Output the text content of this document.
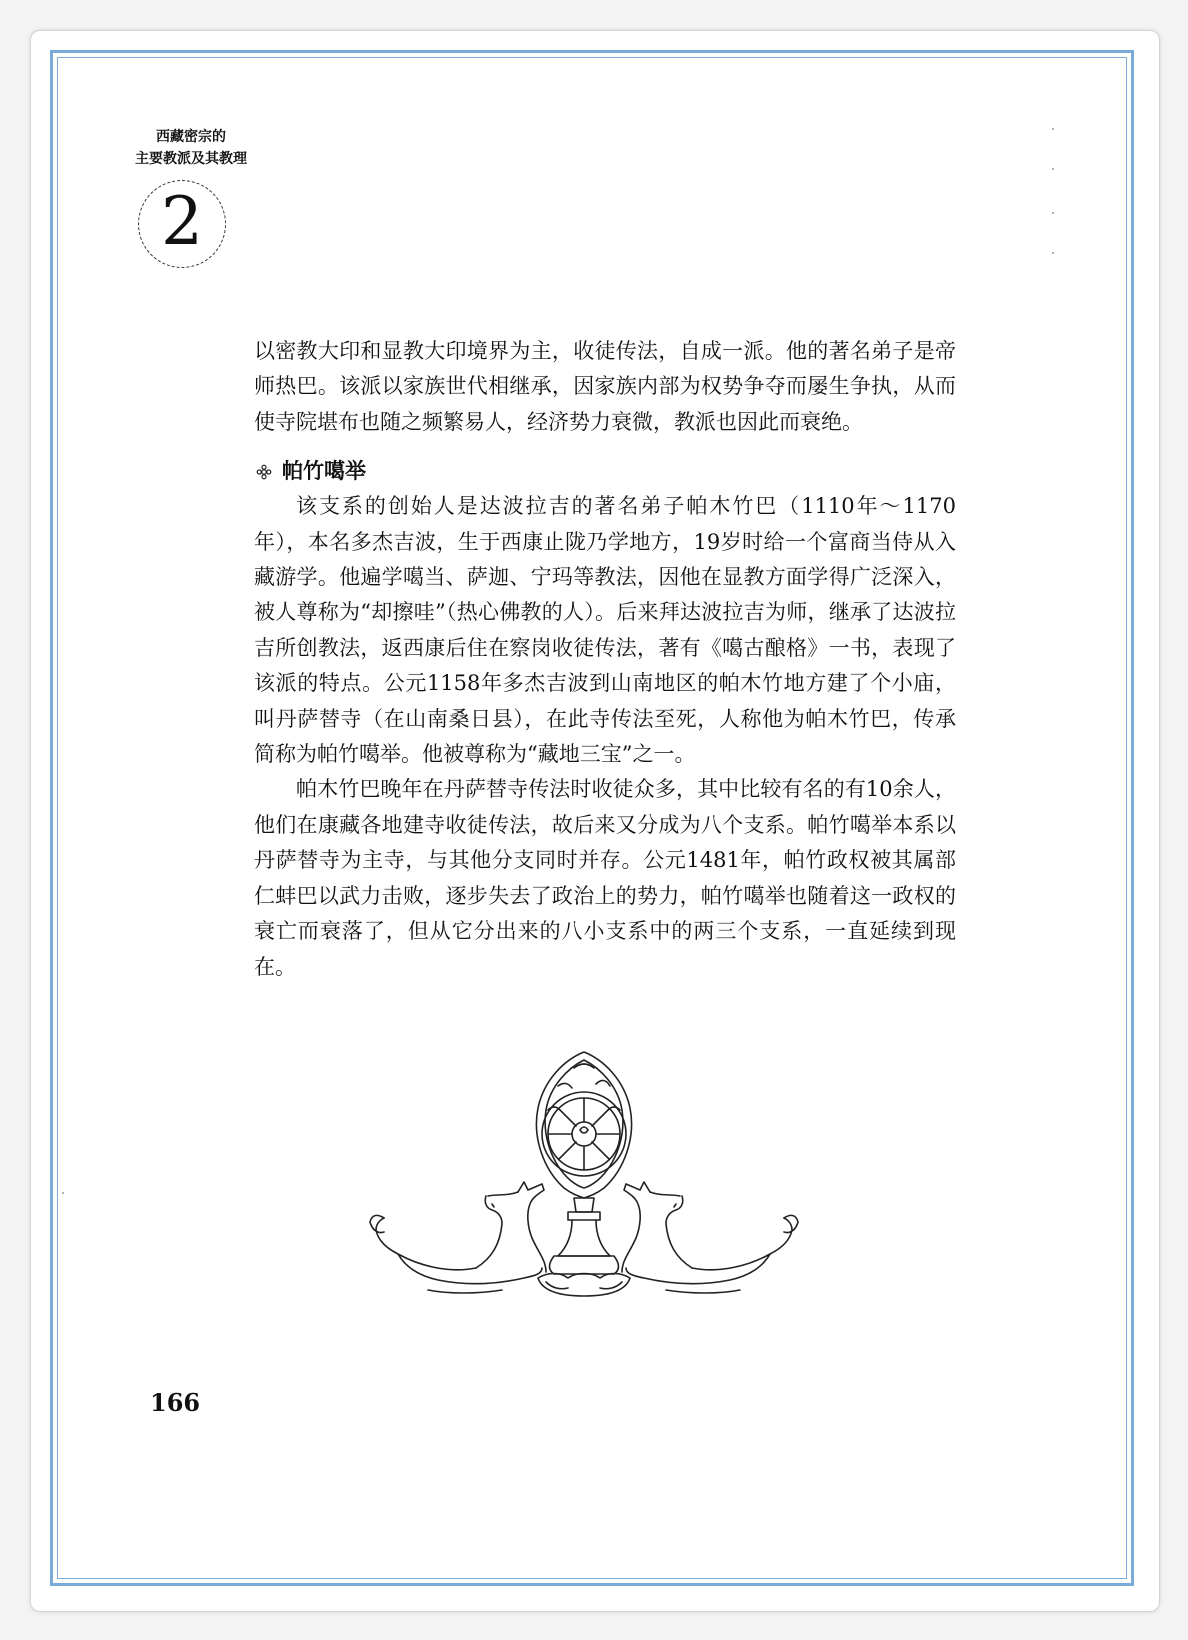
西藏密宗的
主要教派及其教理
2

以密教大印和显教大印境界为主，收徒传法，自成一派。他的著名弟子是帝师热巴。该派以家族世代相继承，因家族内部为权势争夺而屡生争执，从而使寺院堪布也随之频繁易人，经济势力衰微，教派也因此而衰绝。

帕竹噶举

该支系的创始人是达波拉吉的著名弟子帕木竹巴（1110年～1170年），本名多杰吉波，生于西康止陇乃学地方，19岁时给一个富商当侍从入藏游学。他遍学噶当、萨迦、宁玛等教法，因他在显教方面学得广泛深入，被人尊称为“却擦哇”（热心佛教的人）。后来拜达波拉吉为师，继承了达波拉吉所创教法，返西康后住在察岗收徒传法，著有《噶古酿格》一书，表现了该派的特点。公元1158年多杰吉波到山南地区的帕木竹地方建了个小庙，叫丹萨替寺（在山南桑日县），在此寺传法至死，人称他为帕木竹巴，传承简称为帕竹噶举。他被尊称为“藏地三宝”之一。

帕木竹巴晚年在丹萨替寺传法时收徒众多，其中比较有名的有10余人，他们在康藏各地建寺收徒传法，故后来又分成为八个支系。帕竹噶举本系以丹萨替寺为主寺，与其他分支同时并存。公元1481年，帕竹政权被其属部仁蚌巴以武力击败，逐步失去了政治上的势力，帕竹噶举也随着这一政权的衰亡而衰落了，但从它分出来的八小支系中的两三个支系，一直延续到现在。

166
